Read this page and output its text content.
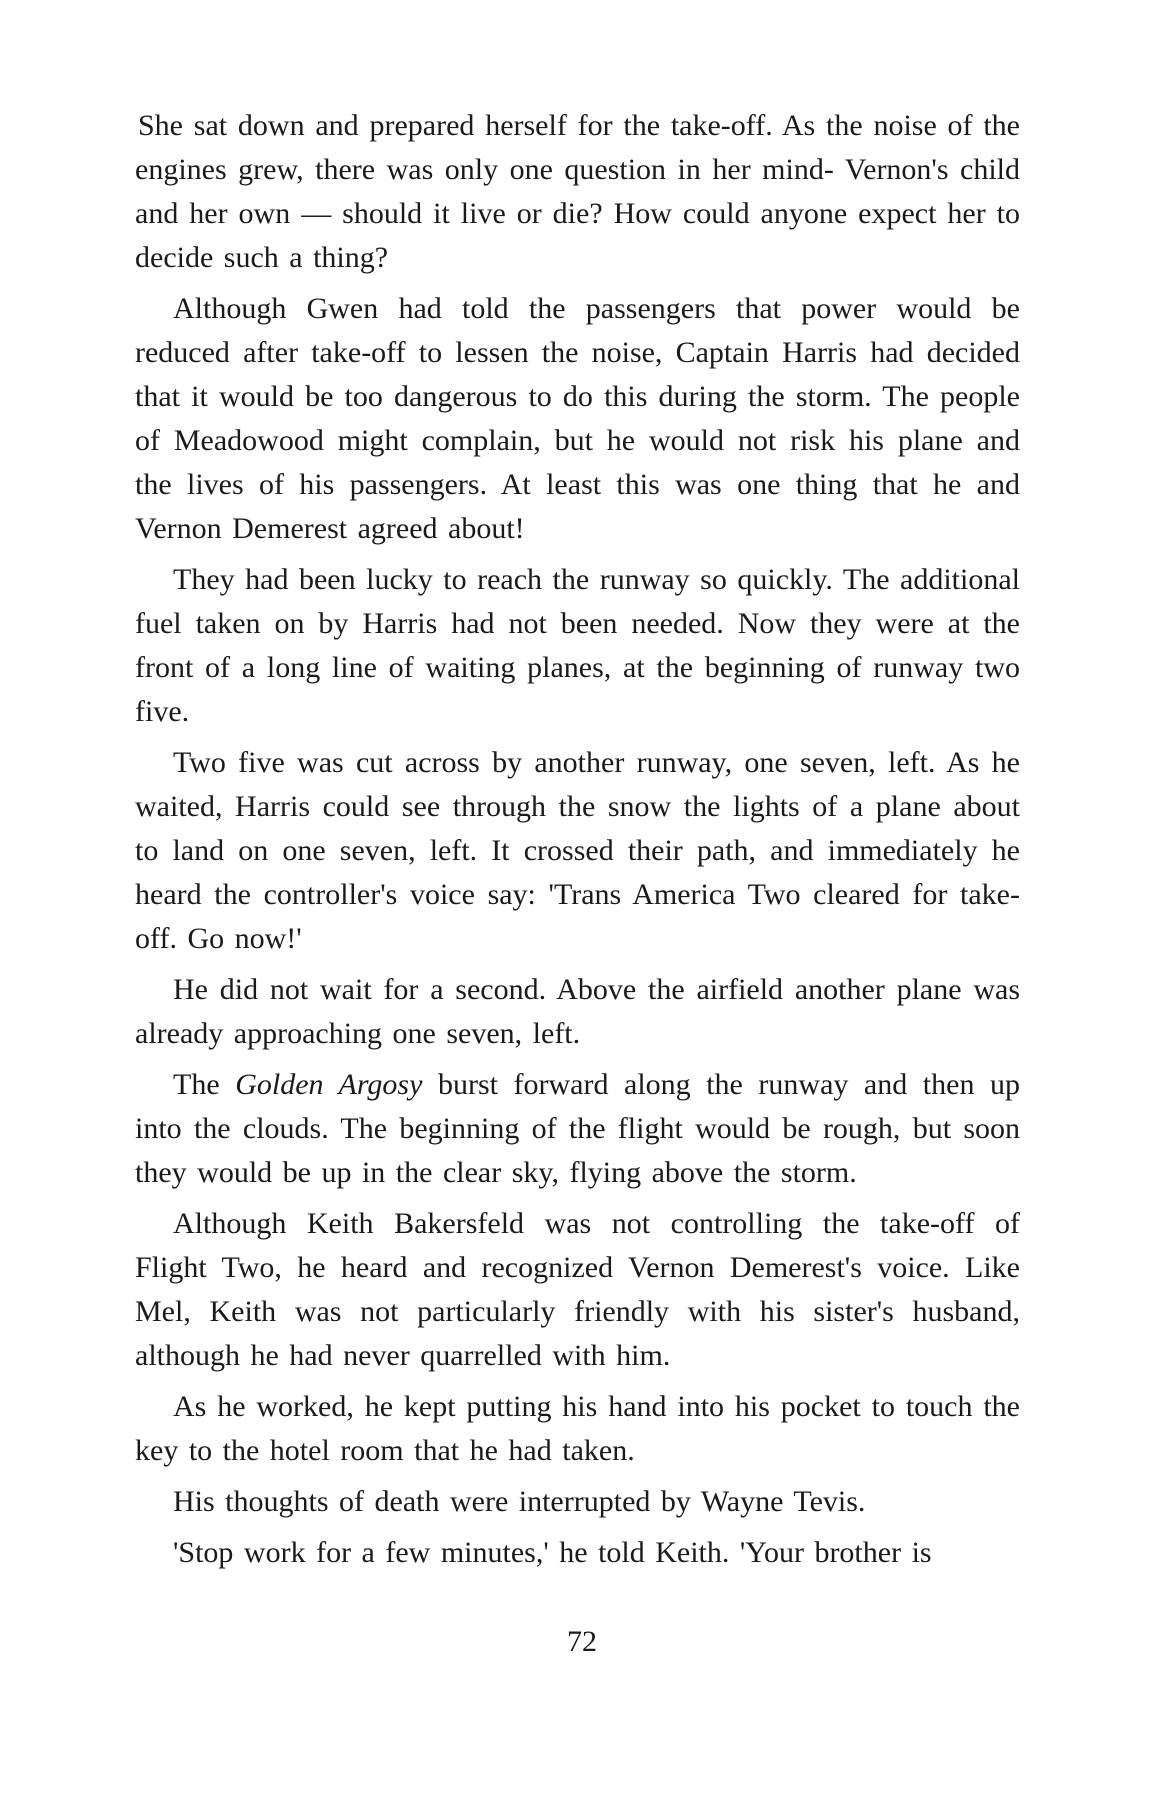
She sat down and prepared herself for the take-off. As the noise of the engines grew, there was only one question in her mind- Vernon's child and her own — should it live or die? How could anyone expect her to decide such a thing?

Although Gwen had told the passengers that power would be reduced after take-off to lessen the noise, Captain Harris had decided that it would be too dangerous to do this during the storm. The people of Meadowood might complain, but he would not risk his plane and the lives of his passengers. At least this was one thing that he and Vernon Demerest agreed about!

They had been lucky to reach the runway so quickly. The additional fuel taken on by Harris had not been needed. Now they were at the front of a long line of waiting planes, at the beginning of runway two five.

Two five was cut across by another runway, one seven, left. As he waited, Harris could see through the snow the lights of a plane about to land on one seven, left. It crossed their path, and immediately he heard the controller's voice say: 'Trans America Two cleared for take-off. Go now!'

He did not wait for a second. Above the airfield another plane was already approaching one seven, left.

The Golden Argosy burst forward along the runway and then up into the clouds. The beginning of the flight would be rough, but soon they would be up in the clear sky, flying above the storm.

Although Keith Bakersfeld was not controlling the take-off of Flight Two, he heard and recognized Vernon Demerest's voice. Like Mel, Keith was not particularly friendly with his sister's husband, although he had never quarrelled with him.

As he worked, he kept putting his hand into his pocket to touch the key to the hotel room that he had taken.

His thoughts of death were interrupted by Wayne Tevis.

'Stop work for a few minutes,' he told Keith. 'Your brother is

72
